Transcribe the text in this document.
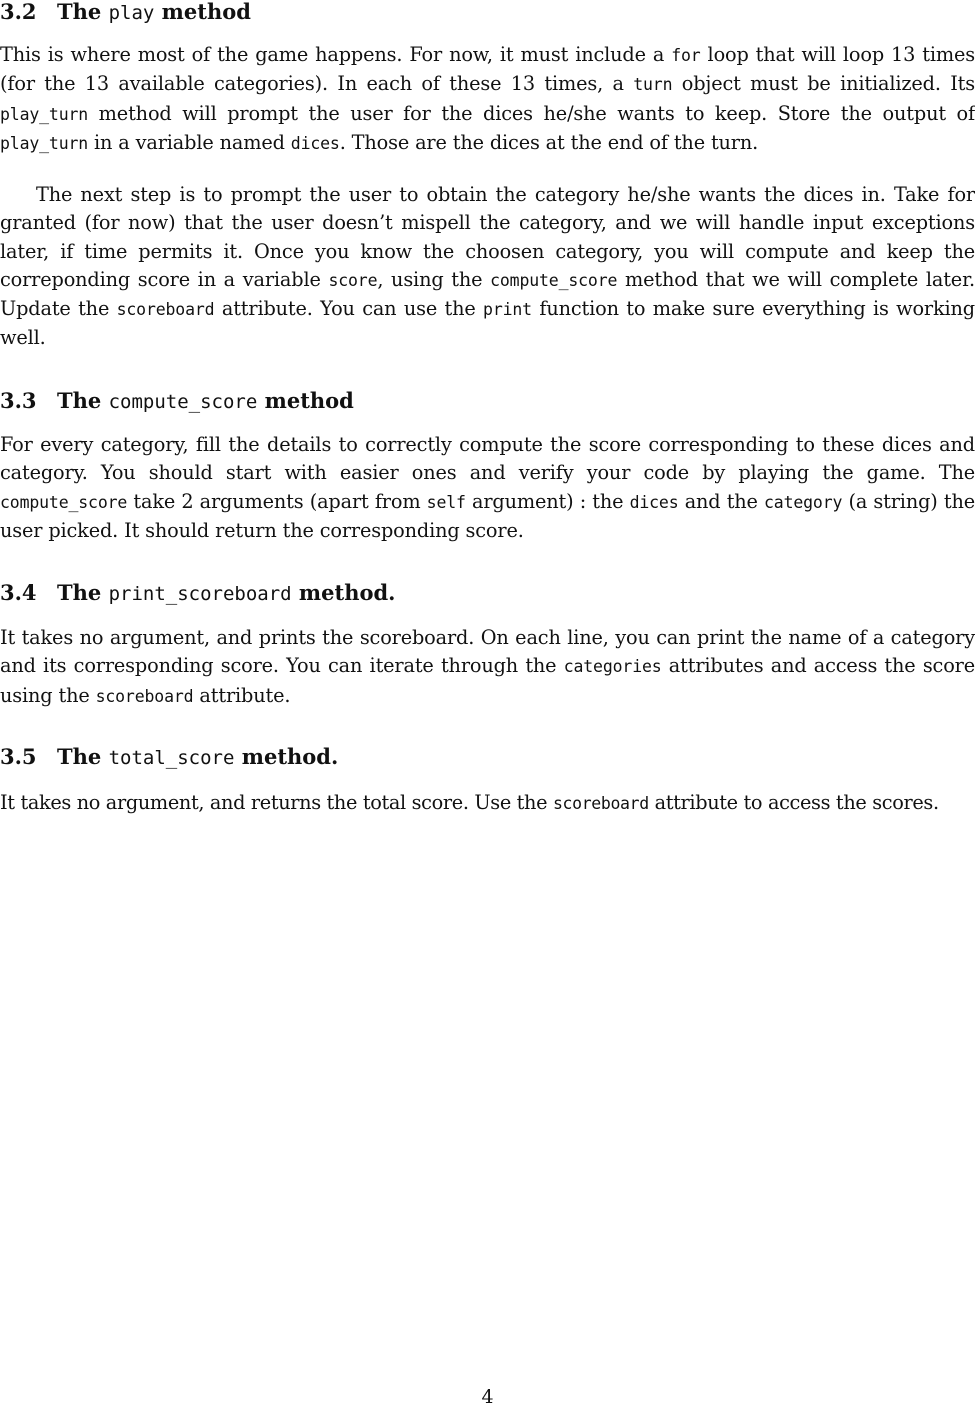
3.2 The play method

This is where most of the game happens. For now, it must include a for loop that will loop 13 times (for the 13 available categories). In each of these 13 times, a turn object must be initialized. Its play_turn method will prompt the user for the dices he/she wants to keep. Store the output of play_turn in a variable named dices. Those are the dices at the end of the turn.

The next step is to prompt the user to obtain the category he/she wants the dices in. Take for granted (for now) that the user doesn’t mispell the category, and we will handle input exceptions later, if time permits it. Once you know the choosen category, you will compute and keep the correponding score in a variable score, using the compute_score method that we will complete later. Update the scoreboard attribute. You can use the print function to make sure everything is working well.

3.3 The compute_score method

For every category, fill the details to correctly compute the score corresponding to these dices and category. You should start with easier ones and verify your code by playing the game. The compute_score take 2 arguments (apart from self argument) : the dices and the category (a string) the user picked. It should return the corresponding score.

3.4 The print_scoreboard method.

It takes no argument, and prints the scoreboard. On each line, you can print the name of a category and its corresponding score. You can iterate through the categories attributes and access the score using the scoreboard attribute.

3.5 The total_score method.

It takes no argument, and returns the total score. Use the scoreboard attribute to access the scores.

4
